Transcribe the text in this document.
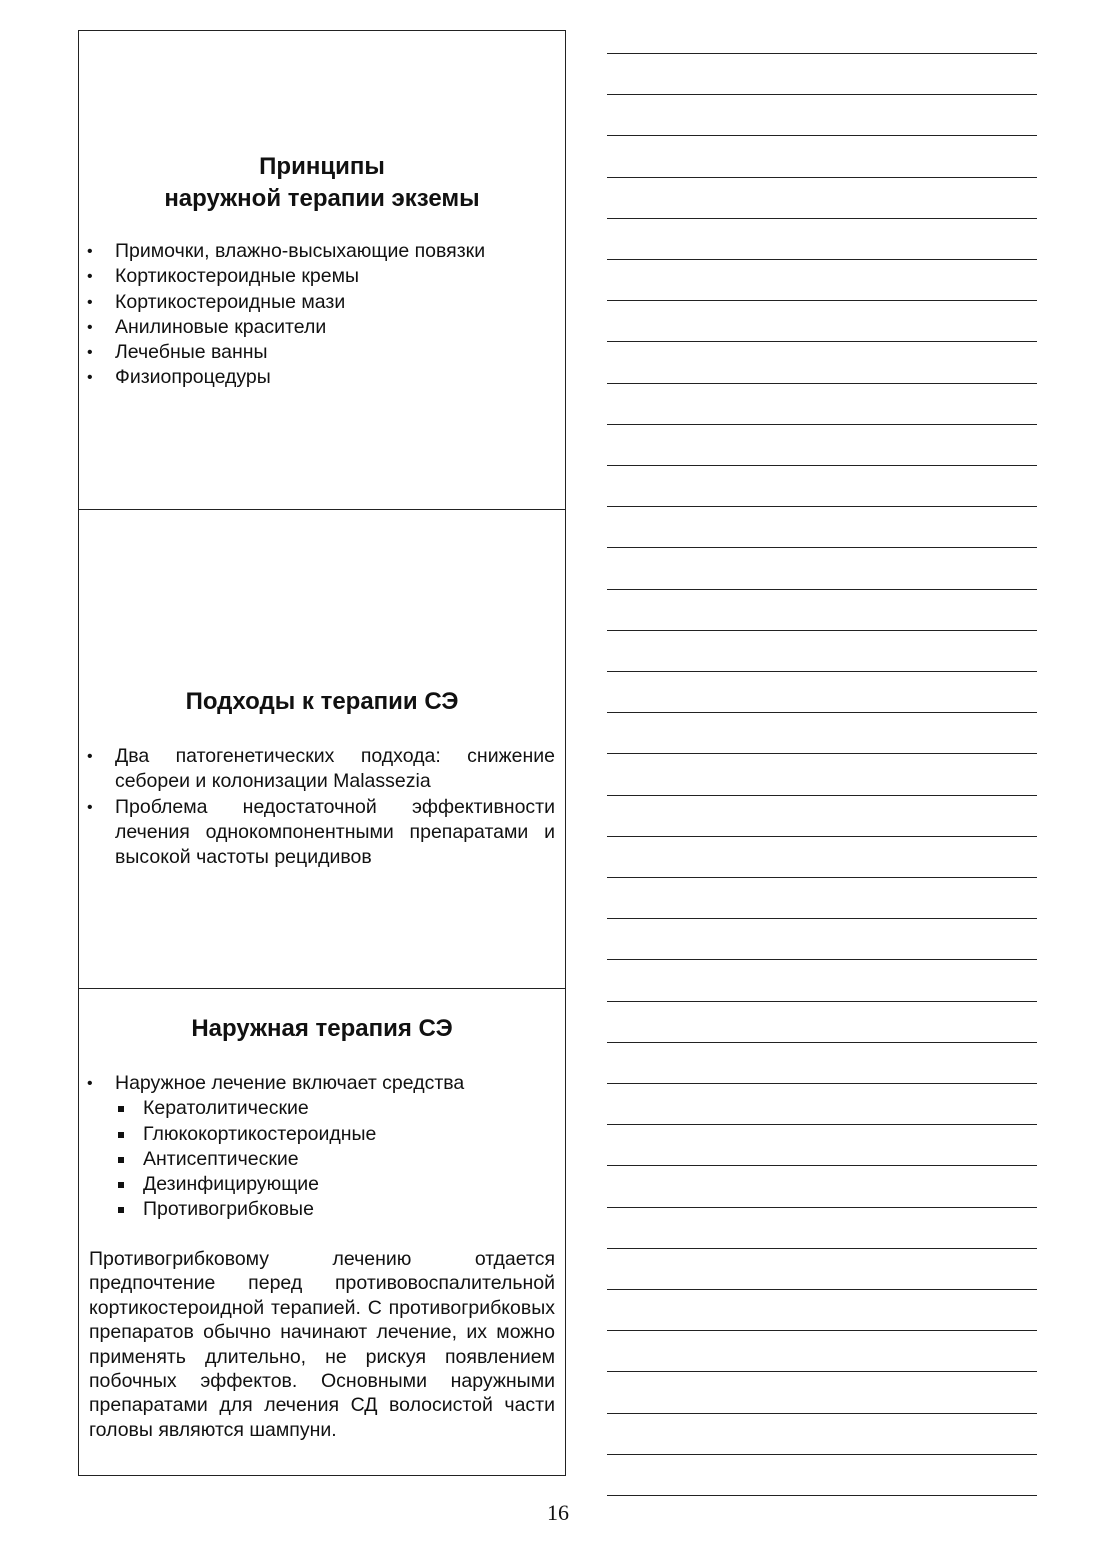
Принципы
наружной терапии экземы
• Примочки, влажно-высыхающие повязки
• Кортикостероидные кремы
• Кортикостероидные мази
• Анилиновые красители
• Лечебные ванны
• Физиопроцедуры
Подходы к терапии СЭ
• Два патогенетических подхода: снижение себореи и колонизации Malassezia
• Проблема недостаточной эффективности лечения однокомпонентными препаратами и высокой частоты рецидивов
Наружная терапия СЭ
• Наружное лечение включает средства
Кератолитические
Глюкокортикостероидные
Антисептические
Дезинфицирующие
Противогрибковые

Противогрибковому лечению отдается предпочтение перед противовоспалительной кортикостероидной терапией. С противогрибковых препаратов обычно начинают лечение, их можно применять длительно, не рискуя появлением побочных эффектов. Основными наружными препаратами для лечения СД волосистой части головы являются шампуни.

16
